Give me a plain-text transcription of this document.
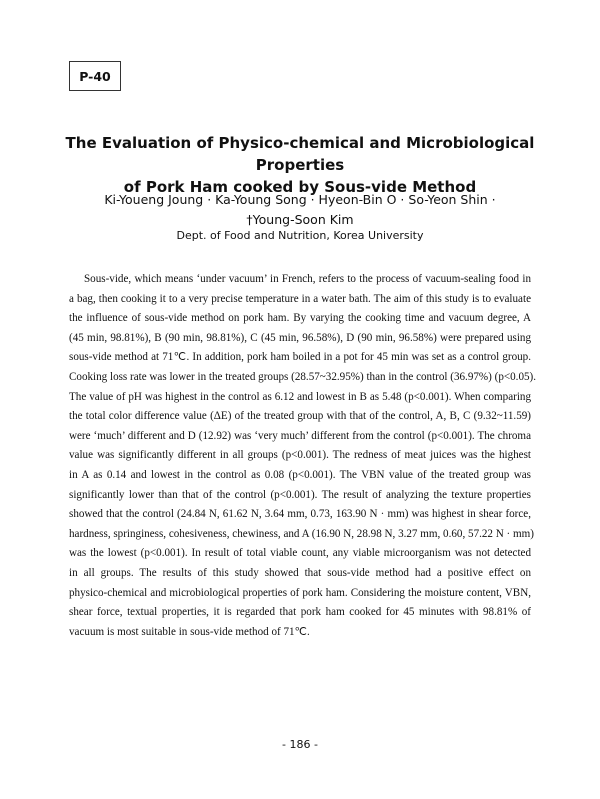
P-40
The Evaluation of Physico-chemical and Microbiological Properties
of Pork Ham cooked by Sous-vide Method
Ki-Youeng Joung · Ka-Young Song · Hyeon-Bin O · So-Yeon Shin ·
†Young-Soon Kim
Dept. of Food and Nutrition, Korea University
Sous-vide, which means ‘under vacuum’ in French, refers to the process of vacuum-sealing food in
a bag, then cooking it to a very precise temperature in a water bath. The aim of this study is to evaluate
the influence of sous-vide method on pork ham. By varying the cooking time and vacuum degree, A
(45 min, 98.81%), B (90 min, 98.81%), C (45 min, 96.58%), D (90 min, 96.58%) were prepared using
sous-vide method at 71℃. In addition, pork ham boiled in a pot for 45 min was set as a control group.
Cooking loss rate was lower in the treated groups (28.57~32.95%) than in the control (36.97%) (p<0.05).
The value of pH was highest in the control as 6.12 and lowest in B as 5.48 (p<0.001). When comparing
the total color difference value (ΔE) of the treated group with that of the control, A, B, C (9.32~11.59)
were ‘much’ different and D (12.92) was ‘very much’ different from the control (p<0.001). The chroma
value was significantly different in all groups (p<0.001). The redness of meat juices was the highest
in A as 0.14 and lowest in the control as 0.08 (p<0.001). The VBN value of the treated group was
significantly lower than that of the control (p<0.001). The result of analyzing the texture properties
showed that the control (24.84 N, 61.62 N, 3.64 mm, 0.73, 163.90 N · mm) was highest in shear force,
hardness, springiness, cohesiveness, chewiness, and A (16.90 N, 28.98 N, 3.27 mm, 0.60, 57.22 N · mm)
was the lowest (p<0.001). In result of total viable count, any viable microorganism was not detected
in all groups. The results of this study showed that sous-vide method had a positive effect on
physico-chemical and microbiological properties of pork ham. Considering the moisture content, VBN,
shear force, textual properties, it is regarded that pork ham cooked for 45 minutes with 98.81% of
vacuum is most suitable in sous-vide method of 71℃.
- 186 -
